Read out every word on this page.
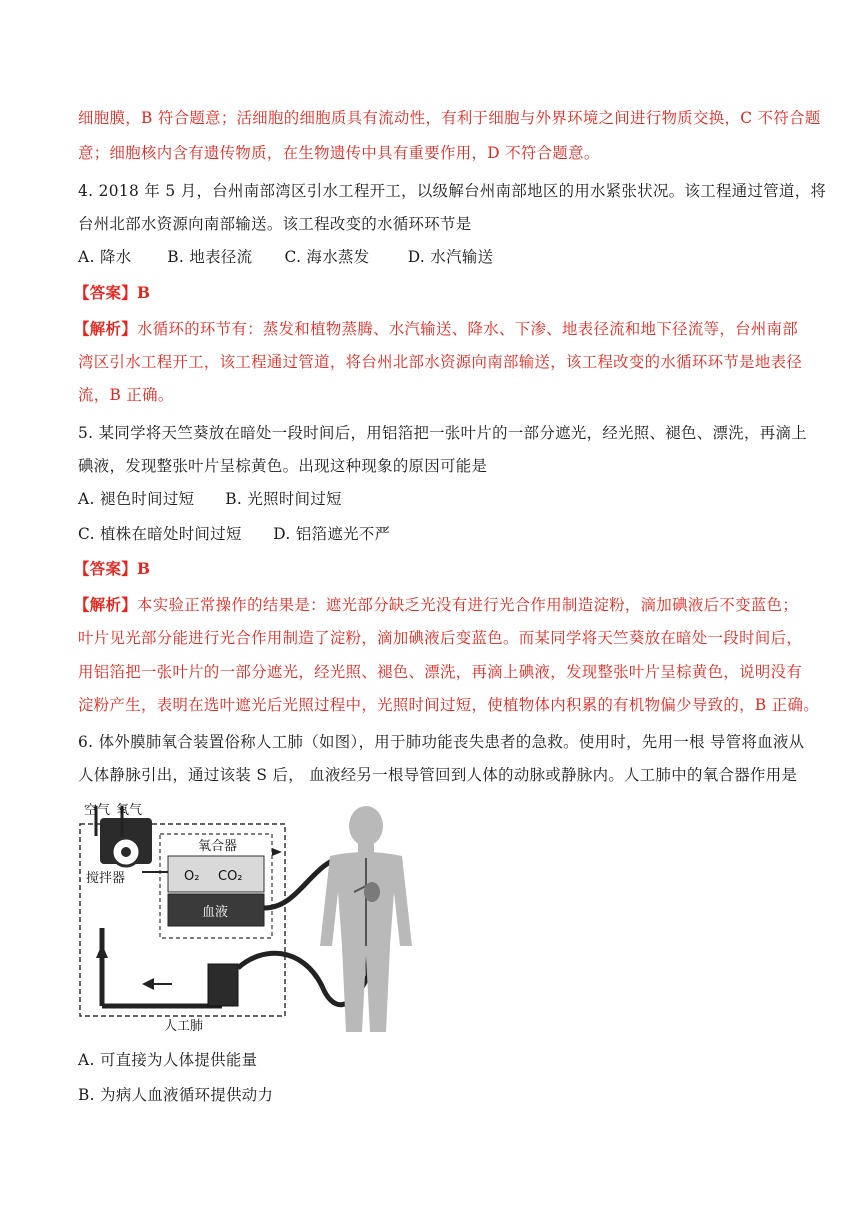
细胞膜，B 符合题意；活细胞的细胞质具有流动性，有利于细胞与外界环境之间进行物质交换，C 不符合题
意；细胞核内含有遗传物质，在生物遗传中具有重要作用，D 不符合题意。
4. 2018 年 5 月，台州南部湾区引水工程开工，以级解台州南部地区的用水紧张状况。该工程通过管道，将
台州北部水资源向南部输送。该工程改变的水循环环节是
A. 降水 B. 地表径流 C. 海水蒸发 D. 水汽输送
【答案】B
【解析】水循环的环节有：蒸发和植物蒸腾、水汽输送、降水、下渗、地表径流和地下径流等，台州南部
湾区引水工程开工，该工程通过管道，将台州北部水资源向南部输送，该工程改变的水循环环节是地表径
流，B 正确。
5. 某同学将天竺葵放在暗处一段时间后，用铝箔把一张叶片的一部分遮光，经光照、褪色、漂洗，再滴上
碘液，发现整张叶片呈棕黄色。出现这种现象的原因可能是
A. 褪色时间过短 B. 光照时间过短
C. 植株在暗处时间过短 D. 铝箔遮光不严
【答案】B
【解析】本实验正常操作的结果是：遮光部分缺乏光没有进行光合作用制造淀粉，滴加碘液后不变蓝色；
叶片见光部分能进行光合作用制造了淀粉，滴加碘液后变蓝色。而某同学将天竺葵放在暗处一段时间后，
用铝箔把一张叶片的一部分遮光，经光照、褪色、漂洗，再滴上碘液，发现整张叶片呈棕黄色，说明没有
淀粉产生，表明在选叶遮光后光照过程中，光照时间过短，使植物体内积累的有机物偏少导致的，B 正确。
6. 体外膜肺氧合装置俗称人工肺（如图），用于肺功能丧失患者的急救。使用时，先用一根 导管将血液从
人体静脉引出，通过该装 S 后， 血液经另一根导管回到人体的动脉或静脉内。人工肺中的氧合器作用是
空气 氧气
氧合器
O₂ CO₂
血液
搅拌器
人工肺
A. 可直接为人体提供能量
B. 为病人血液循环提供动力
